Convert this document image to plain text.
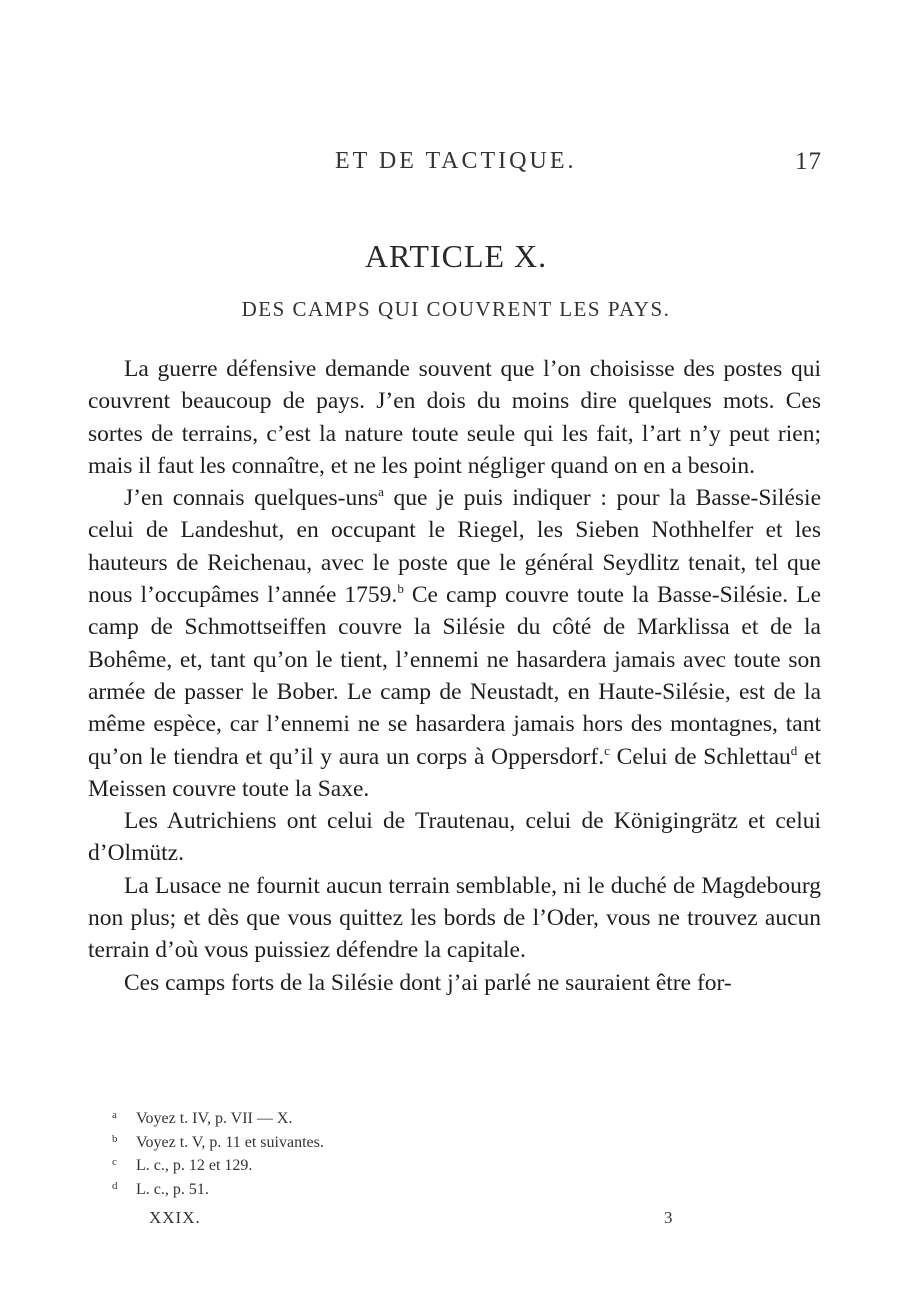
ET DE TACTIQUE.	17
ARTICLE X.
DES CAMPS QUI COUVRENT LES PAYS.

La guerre défensive demande souvent que l’on choisisse des postes qui couvrent beaucoup de pays. J’en dois du moins dire quelques mots. Ces sortes de terrains, c’est la nature toute seule qui les fait, l’art n’y peut rien; mais il faut les connaître, et ne les point négliger quand on en a besoin.

J’en connais quelques-uns$^a$ que je puis indiquer : pour la Basse-Silésie celui de Landeshut, en occupant le Riegel, les Sieben Nothhelfer et les hauteurs de Reichenau, avec le poste que le général Seydlitz tenait, tel que nous l’occupâmes l’année 1759.$^b$ Ce camp couvre toute la Basse-Silésie. Le camp de Schmottseiffen couvre la Silésie du côté de Marklissa et de la Bohême, et, tant qu’on le tient, l’ennemi ne hasardera jamais avec toute son armée de passer le Bober. Le camp de Neustadt, en Haute-Silésie, est de la même espèce, car l’ennemi ne se hasardera jamais hors des montagnes, tant qu’on le tiendra et qu’il y aura un corps à Oppersdorf.$^c$ Celui de Schlettau$^d$ et Meissen couvre toute la Saxe.

Les Autrichiens ont celui de Trautenau, celui de Königingrätz et celui d’Olmütz.

La Lusace ne fournit aucun terrain semblable, ni le duché de Magdebourg non plus; et dès que vous quittez les bords de l’Oder, vous ne trouvez aucun terrain d’où vous puissiez défendre la capitale.

Ces camps forts de la Silésie dont j’ai parlé ne sauraient être for-

a	Voyez t. IV, p. VII — X.
b	Voyez t. V, p. 11 et suivantes.
c	L. c., p. 12 et 129.
d	L. c., p. 51.
XXIX.	3
